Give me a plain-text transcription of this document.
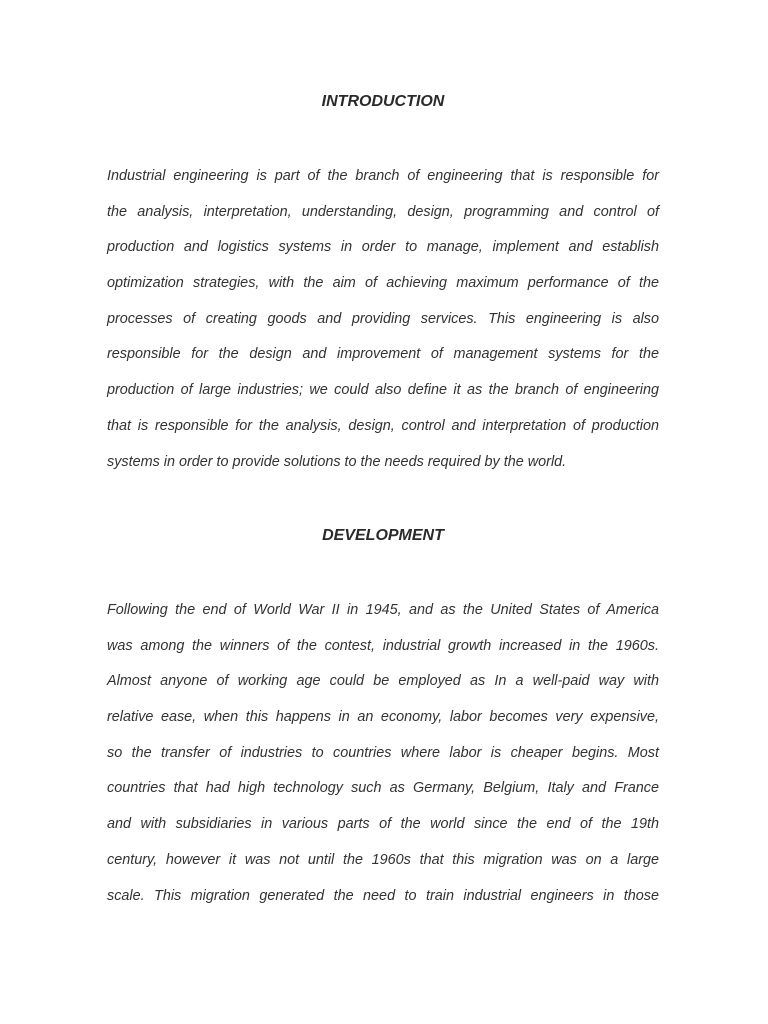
INTRODUCTION
Industrial engineering is part of the branch of engineering that is responsible for
the analysis, interpretation, understanding, design, programming and control of
production and logistics systems in order to manage, implement and establish
optimization strategies, with the aim of achieving maximum performance of the
processes of creating goods and providing services. This engineering is also
responsible for the design and improvement of management systems for the
production of large industries; we could also define it as the branch of engineering
that is responsible for the analysis, design, control and interpretation of production
systems in order to provide solutions to the needs required by the world.
DEVELOPMENT
Following the end of World War II in 1945, and as the United States of America
was among the winners of the contest, industrial growth increased in the 1960s.
Almost anyone of working age could be employed as In a well-paid way with
relative ease, when this happens in an economy, labor becomes very expensive,
so the transfer of industries to countries where labor is cheaper begins. Most
countries that had high technology such as Germany, Belgium, Italy and France
and with subsidiaries in various parts of the world since the end of the 19th
century, however it was not until the 1960s that this migration was on a large
scale. This migration generated the need to train industrial engineers in those
